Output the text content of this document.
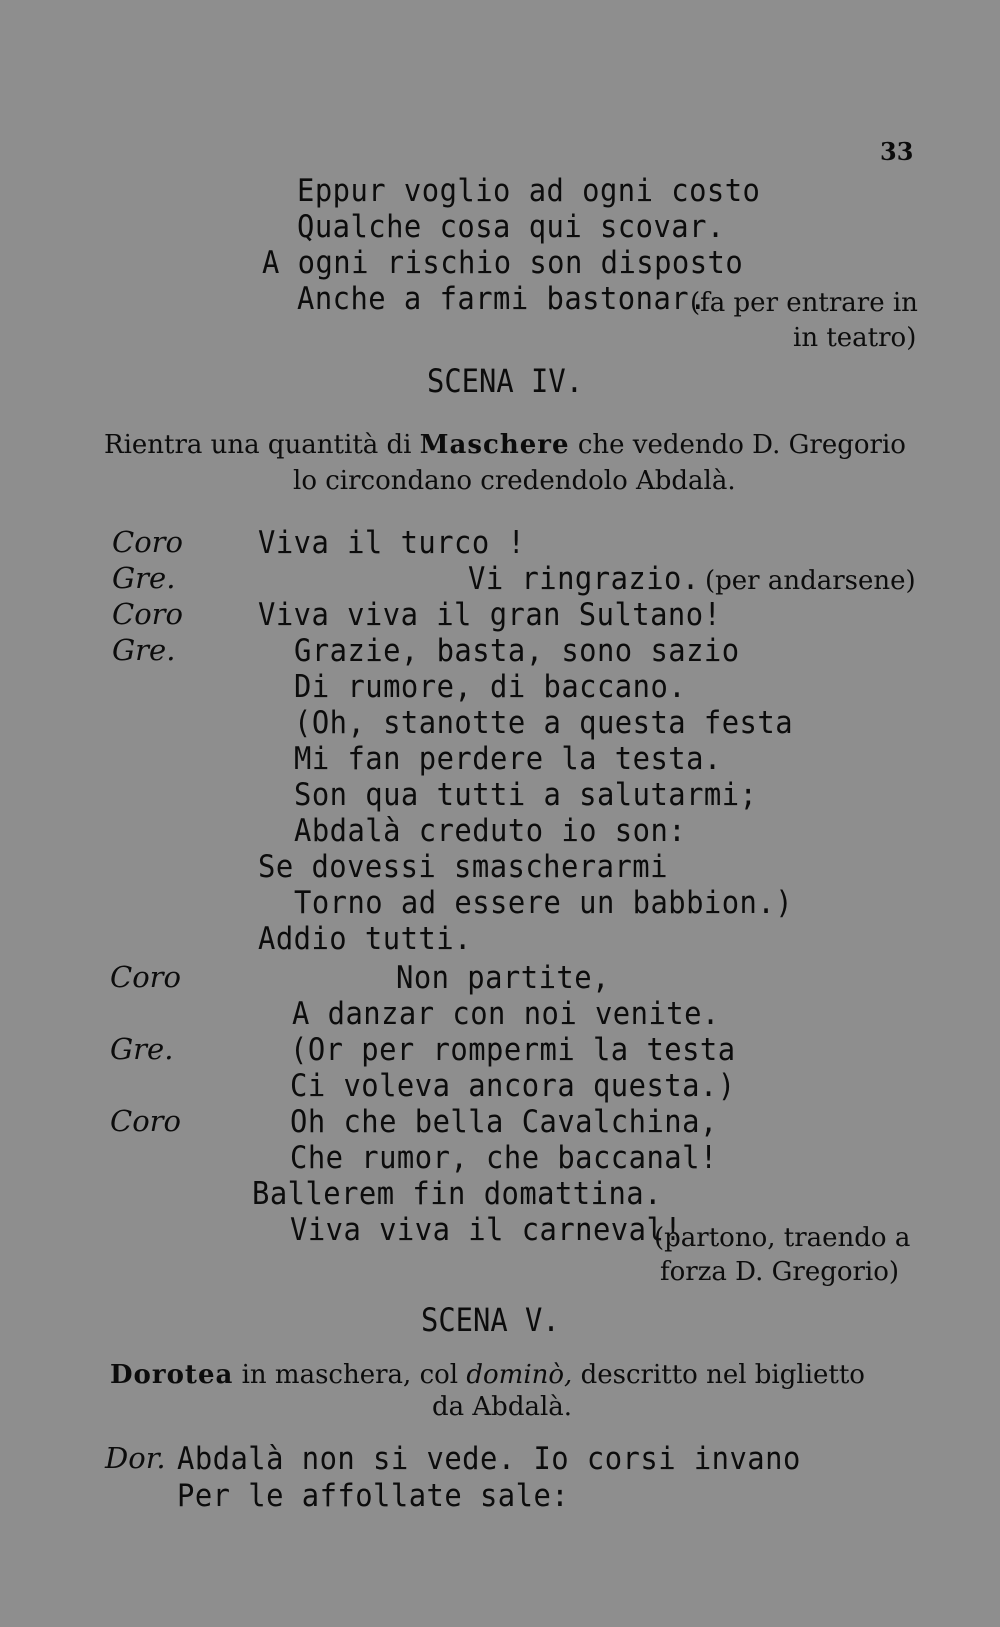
33
Eppur voglio ad ogni costo
Qualche cosa qui scovar.
A ogni rischio son disposto
Anche a farmi bastonar.
(fa per entrare in
in teatro)
SCENA IV.
Rientra una quantità di Maschere che vedendo D. Gregorio
lo circondano credendolo Abdalà.
Coro
Gre.
Coro
Gre.
Coro
Gre.
Coro
Viva il turco !
Vi ringrazio. (per andarsene)
Viva viva il gran Sultano!
Grazie, basta, sono sazio
Di rumore, di baccano.
(Oh, stanotte a questa festa
Mi fan perdere la testa.
Son qua tutti a salutarmi;
Abdalà creduto io son:
Se dovessi smascherarmi
Torno ad essere un babbion.)
Addio tutti.
Non partite,
A danzar con noi venite.
(Or per rompermi la testa
Ci voleva ancora questa.)
Oh che bella Cavalchina,
Che rumor, che baccanal!
Ballerem fin domattina.
Viva viva il carneval!
(partono, traendo a
forza D. Gregorio)
SCENA V.
Dorotea in maschera, col dominò, descritto nel biglietto
da Abdalà.
Dor. Abdalà non si vede. Io corsi invano
Per le affollate sale:
